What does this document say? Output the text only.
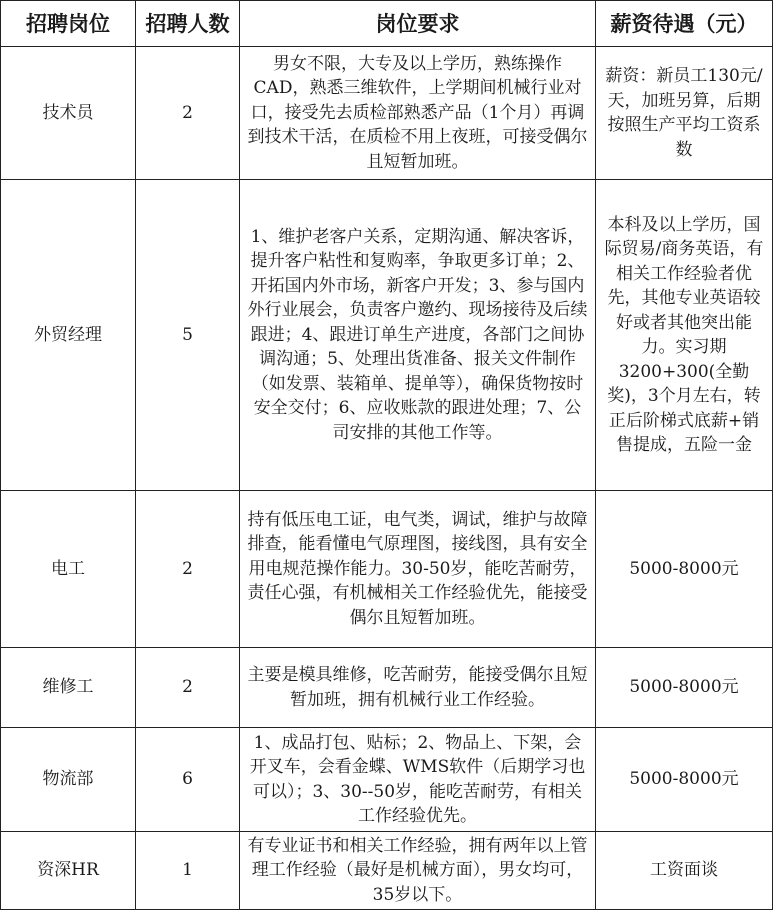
招聘岗位	招聘人数	岗位要求	薪资待遇（元）
技术员	2	男女不限，大专及以上学历，熟练操作CAD，熟悉三维软件，上学期间机械行业对口，接受先去质检部熟悉产品（1个月）再调到技术干活，在质检不用上夜班，可接受偶尔且短暂加班。	薪资：新员工130元/天，加班另算，后期按照生产平均工资系数
外贸经理	5	1、维护老客户关系，定期沟通、解决客诉，提升客户粘性和复购率，争取更多订单；2、开拓国内外市场，新客户开发；3、参与国内外行业展会，负责客户邀约、现场接待及后续跟进；4、跟进订单生产进度，各部门之间协调沟通；5、处理出货准备、报关文件制作（如发票、装箱单、提单等），确保货物按时安全交付；6、应收账款的跟进处理；7、公司安排的其他工作等。	本科及以上学历，国际贸易/商务英语，有相关工作经验者优先，其他专业英语较好或者其他突出能力。实习期3200+300(全勤奖)，3个月左右，转正后阶梯式底薪+销售提成，五险一金
电工	2	持有低压电工证，电气类，调试，维护与故障排查，能看懂电气原理图，接线图，具有安全用电规范操作能力。30-50岁，能吃苦耐劳，责任心强，有机械相关工作经验优先，能接受偶尔且短暂加班。	5000-8000元
维修工	2	主要是模具维修，吃苦耐劳，能接受偶尔且短暂加班，拥有机械行业工作经验。	5000-8000元
物流部	6	1、成品打包、贴标；2、物品上、下架，会开叉车，会看金蝶、WMS软件（后期学习也可以）；3、30--50岁，能吃苦耐劳，有相关工作经验优先。	5000-8000元
资深HR	1	有专业证书和相关工作经验，拥有两年以上管理工作经验（最好是机械方面），男女均可，35岁以下。	工资面谈
